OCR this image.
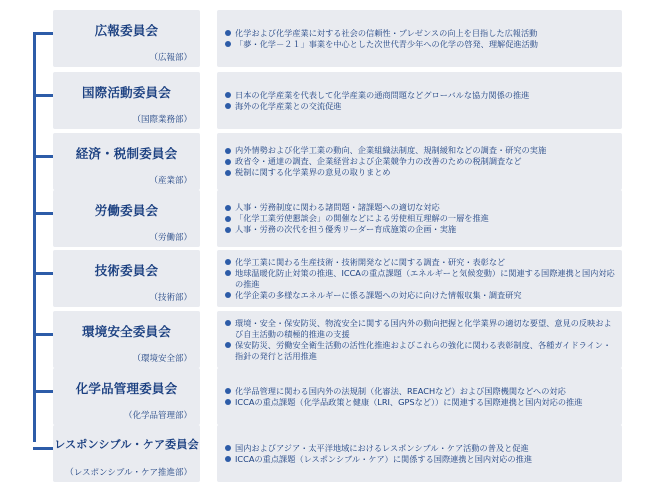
広報委員会
（広報部）
化学および化学産業に対する社会の信頼性・プレゼンスの向上を目指した広報活動
「夢・化学－２１」事業を中心とした次世代青少年への化学の啓発、理解促進活動
国際活動委員会
（国際業務部）
日本の化学産業を代表して化学産業の通商問題などグローバルな協力関係の推進
海外の化学産業との交流促進
経済・税制委員会
（産業部）
内外情勢および化学工業の動向、企業組織法制度、規制緩和などの調査・研究の実施
政省令・通達の調査、企業経営および企業競争力の改善のための税制調査など
税制に関する化学業界の意見の取りまとめ
労働委員会
（労働部）
人事・労務制度に関わる諸問題・諸課題への適切な対応
「化学工業労使懇談会」の開催などによる労使相互理解の一層を推進
人事・労務の次代を担う優秀リーダー育成施策の企画・実施
技術委員会
（技術部）
化学工業に関わる生産技術・技術開発などに関する調査・研究・表彰など
地球温暖化防止対策の推進、ICCAの重点課題（エネルギーと気候変動）に関連する国際連携と国内対応の推進
化学企業の多様なエネルギーに係る課題への対応に向けた情報収集・調査研究
環境安全委員会
（環境安全部）
環境・安全・保安防災、物流安全に関する国内外の動向把握と化学業界の適切な要望、意見の反映および自主活動の積極的推進の支援
保安防災、労働安全衛生活動の活性化推進およびこれらの強化に関わる表彰制度、各種ガイドライン・指針の発行と活用推進
化学品管理委員会
（化学品管理部）
化学品管理に関わる国内外の法規制（化審法、REACHなど）および国際機関などへの対応
ICCAの重点課題（化学品政策と健康（LRI、GPSなど））に関連する国際連携と国内対応の推進
レスポンシブル・ケア委員会
（レスポンシブル・ケア推進部）
国内およびアジア・太平洋地域におけるレスポンシブル・ケア活動の普及と促進
ICCAの重点課題（レスポンシブル・ケア）に関係する国際連携と国内対応の推進
